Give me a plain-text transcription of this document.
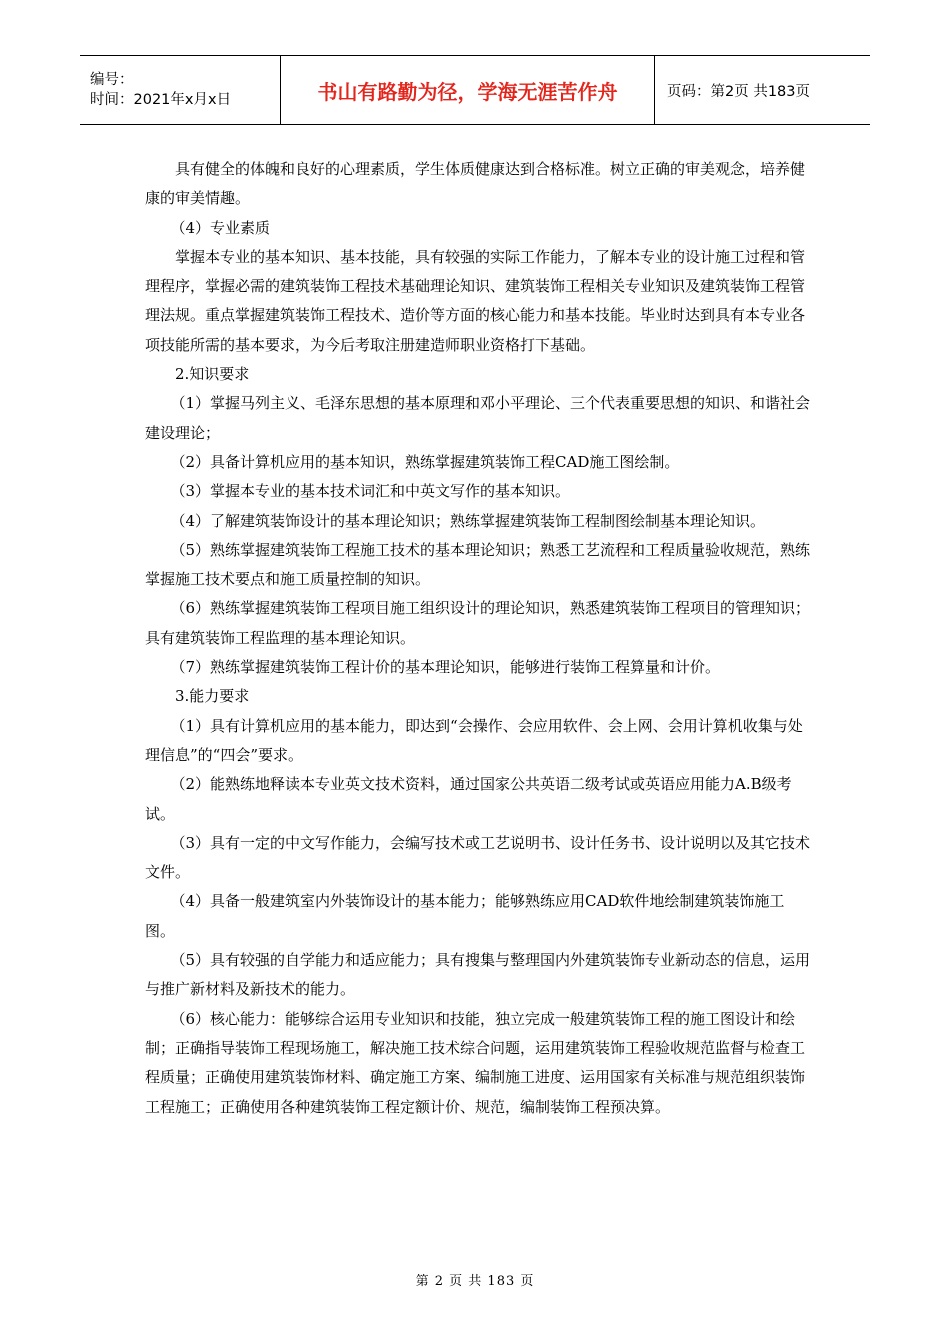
编号：
时间：2021年x月x日	书山有路勤为径，学海无涯苦作舟	页码：第2页 共183页

具有健全的体魄和良好的心理素质，学生体质健康达到合格标准。树立正确的审美观念，培养健康的审美情趣。

（4）专业素质

掌握本专业的基本知识、基本技能，具有较强的实际工作能力，了解本专业的设计施工过程和管理程序，掌握必需的建筑装饰工程技术基础理论知识、建筑装饰工程相关专业知识及建筑装饰工程管理法规。重点掌握建筑装饰工程技术、造价等方面的核心能力和基本技能。毕业时达到具有本专业各项技能所需的基本要求，为今后考取注册建造师职业资格打下基础。

2.知识要求

（1）掌握马列主义、毛泽东思想的基本原理和邓小平理论、三个代表重要思想的知识、和谐社会建设理论；

（2）具备计算机应用的基本知识，熟练掌握建筑装饰工程CAD施工图绘制。

（3）掌握本专业的基本技术词汇和中英文写作的基本知识。

（4）了解建筑装饰设计的基本理论知识；熟练掌握建筑装饰工程制图绘制基本理论知识。

（5）熟练掌握建筑装饰工程施工技术的基本理论知识；熟悉工艺流程和工程质量验收规范，熟练掌握施工技术要点和施工质量控制的知识。

（6）熟练掌握建筑装饰工程项目施工组织设计的理论知识，熟悉建筑装饰工程项目的管理知识；具有建筑装饰工程监理的基本理论知识。

（7）熟练掌握建筑装饰工程计价的基本理论知识，能够进行装饰工程算量和计价。

3.能力要求

（1）具有计算机应用的基本能力，即达到“会操作、会应用软件、会上网、会用计算机收集与处理信息”的“四会”要求。

（2）能熟练地释读本专业英文技术资料，通过国家公共英语二级考试或英语应用能力A.B级考试。

（3）具有一定的中文写作能力，会编写技术或工艺说明书、设计任务书、设计说明以及其它技术文件。

（4）具备一般建筑室内外装饰设计的基本能力；能够熟练应用CAD软件地绘制建筑装饰施工图。

（5）具有较强的自学能力和适应能力；具有搜集与整理国内外建筑装饰专业新动态的信息，运用与推广新材料及新技术的能力。

（6）核心能力：能够综合运用专业知识和技能，独立完成一般建筑装饰工程的施工图设计和绘制；正确指导装饰工程现场施工，解决施工技术综合问题，运用建筑装饰工程验收规范监督与检查工程质量；正确使用建筑装饰材料、确定施工方案、编制施工进度、运用国家有关标准与规范组织装饰工程施工；正确使用各种建筑装饰工程定额计价、规范，编制装饰工程预决算。

第 2 页 共 183 页
